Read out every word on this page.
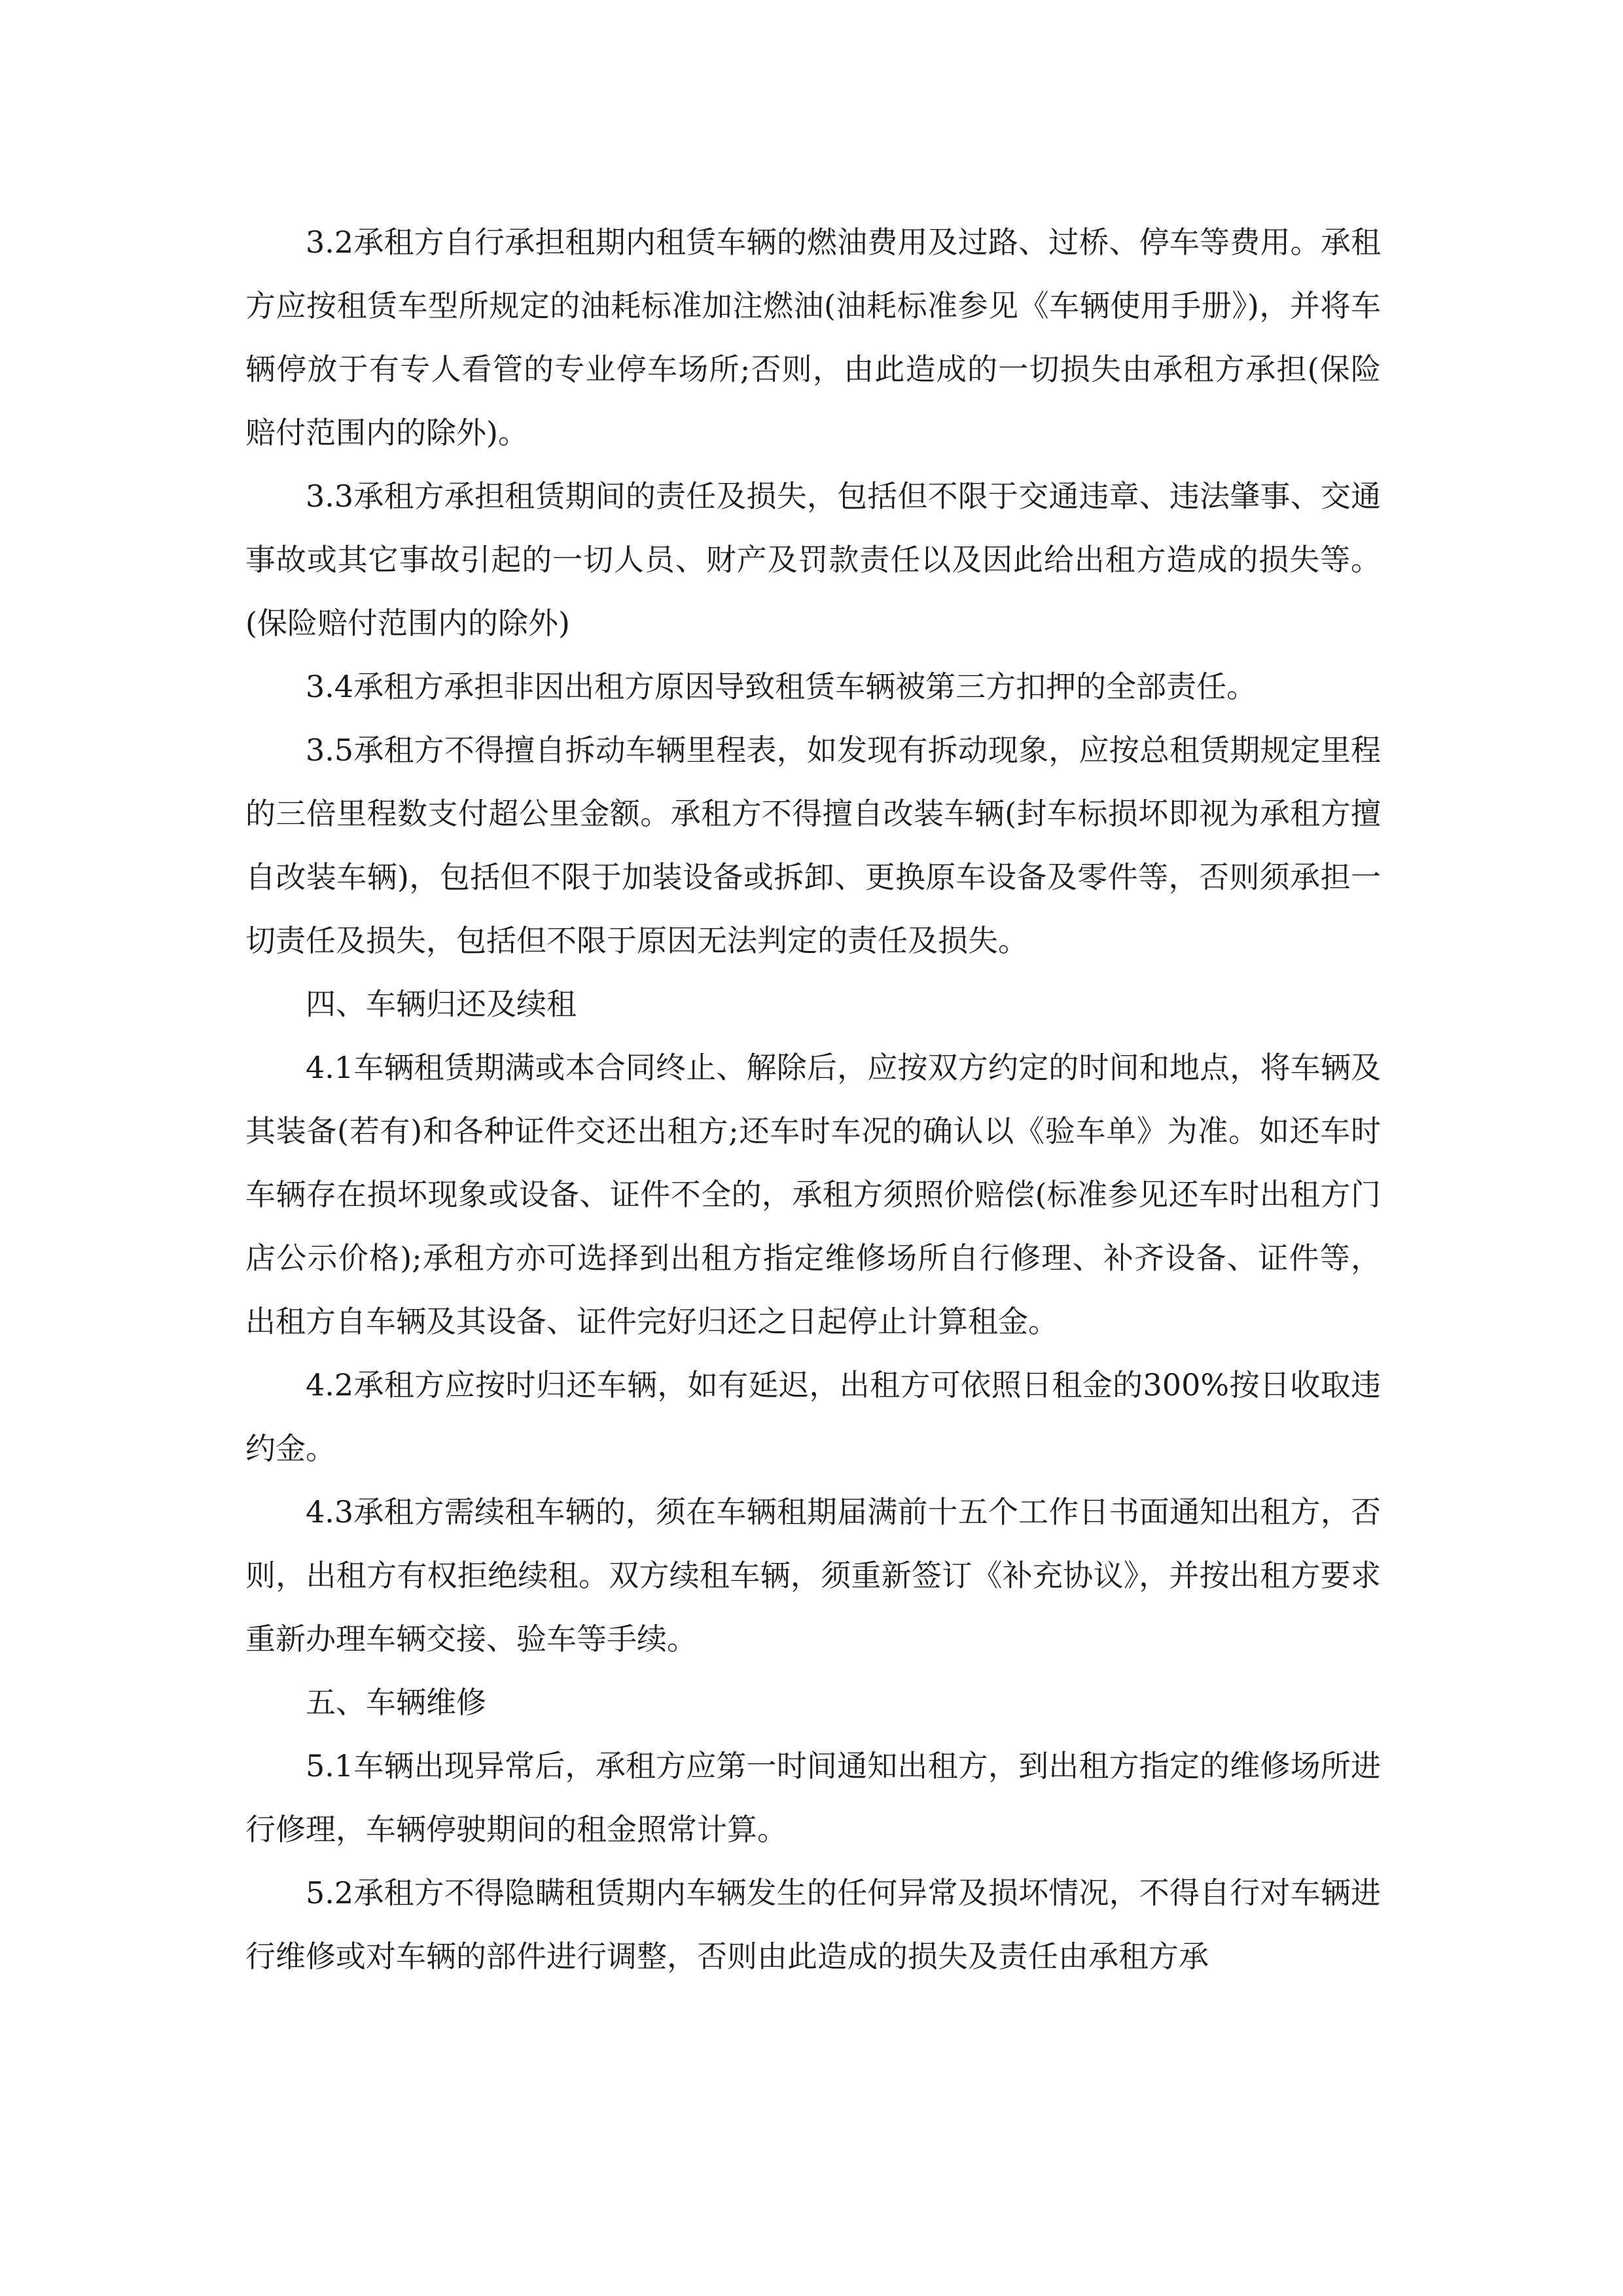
3.2承租方自行承担租期内租赁车辆的燃油费用及过路、过桥、停车等费用。承租方应按租赁车型所规定的油耗标准加注燃油(油耗标准参见《车辆使用手册》)，并将车辆停放于有专人看管的专业停车场所;否则，由此造成的一切损失由承租方承担(保险赔付范围内的除外)。

3.3承租方承担租赁期间的责任及损失，包括但不限于交通违章、违法肇事、交通事故或其它事故引起的一切人员、财产及罚款责任以及因此给出租方造成的损失等。(保险赔付范围内的除外)

3.4承租方承担非因出租方原因导致租赁车辆被第三方扣押的全部责任。

3.5承租方不得擅自拆动车辆里程表，如发现有拆动现象，应按总租赁期规定里程的三倍里程数支付超公里金额。承租方不得擅自改装车辆(封车标损坏即视为承租方擅自改装车辆)，包括但不限于加装设备或拆卸、更换原车设备及零件等，否则须承担一切责任及损失，包括但不限于原因无法判定的责任及损失。

四、车辆归还及续租

4.1车辆租赁期满或本合同终止、解除后，应按双方约定的时间和地点，将车辆及其装备(若有)和各种证件交还出租方;还车时车况的确认以《验车单》为准。如还车时车辆存在损坏现象或设备、证件不全的，承租方须照价赔偿(标准参见还车时出租方门店公示价格);承租方亦可选择到出租方指定维修场所自行修理、补齐设备、证件等，出租方自车辆及其设备、证件完好归还之日起停止计算租金。

4.2承租方应按时归还车辆，如有延迟，出租方可依照日租金的300%按日收取违约金。

4.3承租方需续租车辆的，须在车辆租期届满前十五个工作日书面通知出租方，否则，出租方有权拒绝续租。双方续租车辆，须重新签订《补充协议》，并按出租方要求重新办理车辆交接、验车等手续。

五、车辆维修

5.1车辆出现异常后，承租方应第一时间通知出租方，到出租方指定的维修场所进行修理，车辆停驶期间的租金照常计算。

5.2承租方不得隐瞒租赁期内车辆发生的任何异常及损坏情况，不得自行对车辆进行维修或对车辆的部件进行调整，否则由此造成的损失及责任由承租方承
